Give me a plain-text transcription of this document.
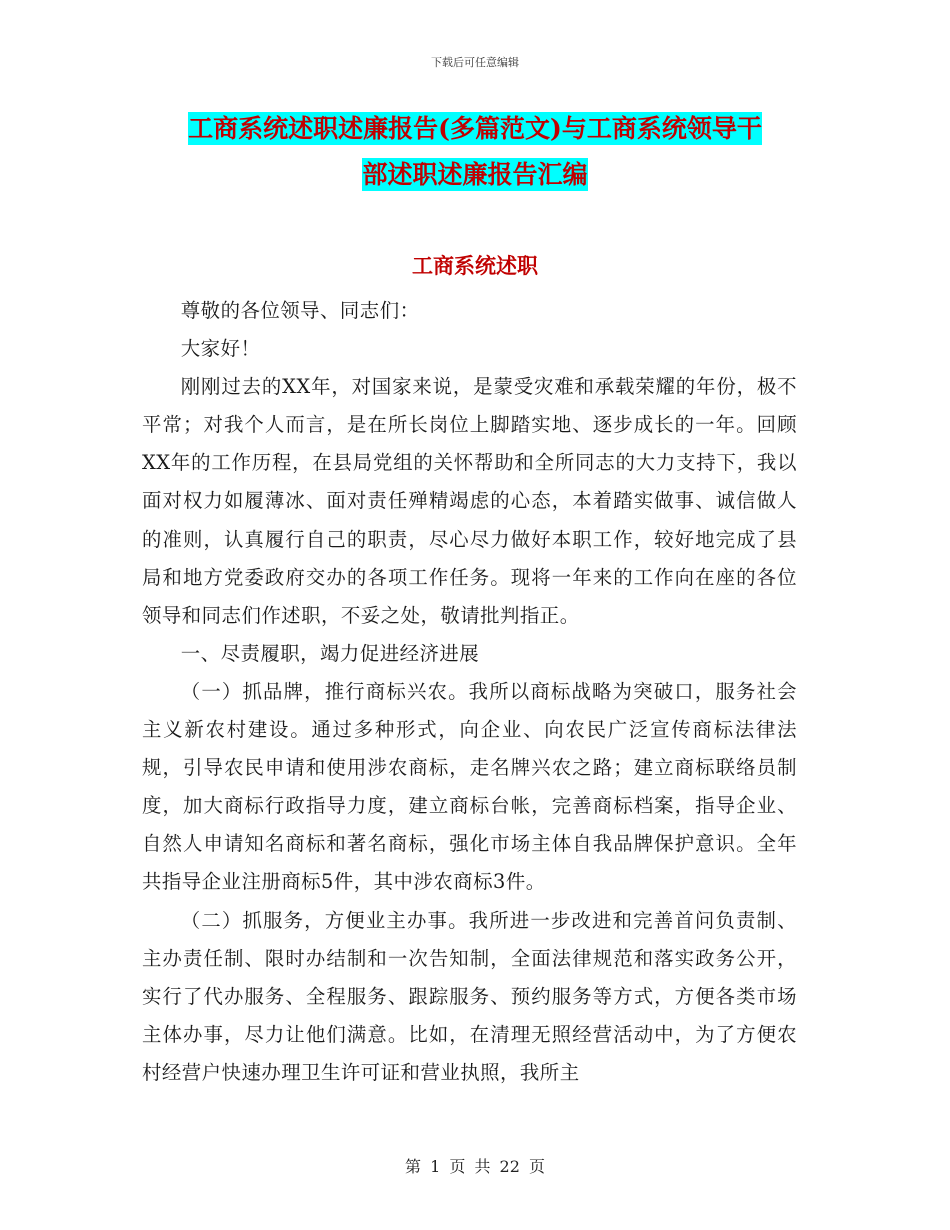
下载后可任意编辑
工商系统述职述廉报告(多篇范文)与工商系统领导干
部述职述廉报告汇编
工商系统述职

尊敬的各位领导、同志们：

大家好！

刚刚过去的XX年，对国家来说，是蒙受灾难和承载荣耀的年份，极不平常；对我个人而言，是在所长岗位上脚踏实地、逐步成长的一年。回顾XX年的工作历程，在县局党组的关怀帮助和全所同志的大力支持下，我以面对权力如履薄冰、面对责任殚精竭虑的心态，本着踏实做事、诚信做人的准则，认真履行自己的职责，尽心尽力做好本职工作，较好地完成了县局和地方党委政府交办的各项工作任务。现将一年来的工作向在座的各位领导和同志们作述职，不妥之处，敬请批判指正。

一、尽责履职，竭力促进经济进展

（一）抓品牌，推行商标兴农。我所以商标战略为突破口，服务社会主义新农村建设。通过多种形式，向企业、向农民广泛宣传商标法律法规，引导农民申请和使用涉农商标，走名牌兴农之路；建立商标联络员制度，加大商标行政指导力度，建立商标台帐，完善商标档案，指导企业、自然人申请知名商标和著名商标，强化市场主体自我品牌保护意识。全年共指导企业注册商标5件，其中涉农商标3件。

（二）抓服务，方便业主办事。我所进一步改进和完善首问负责制、主办责任制、限时办结制和一次告知制，全面法律规范和落实政务公开，实行了代办服务、全程服务、跟踪服务、预约服务等方式，方便各类市场主体办事，尽力让他们满意。比如，在清理无照经营活动中，为了方便农村经营户快速办理卫生许可证和营业执照，我所主

第 1 页 共 22 页
